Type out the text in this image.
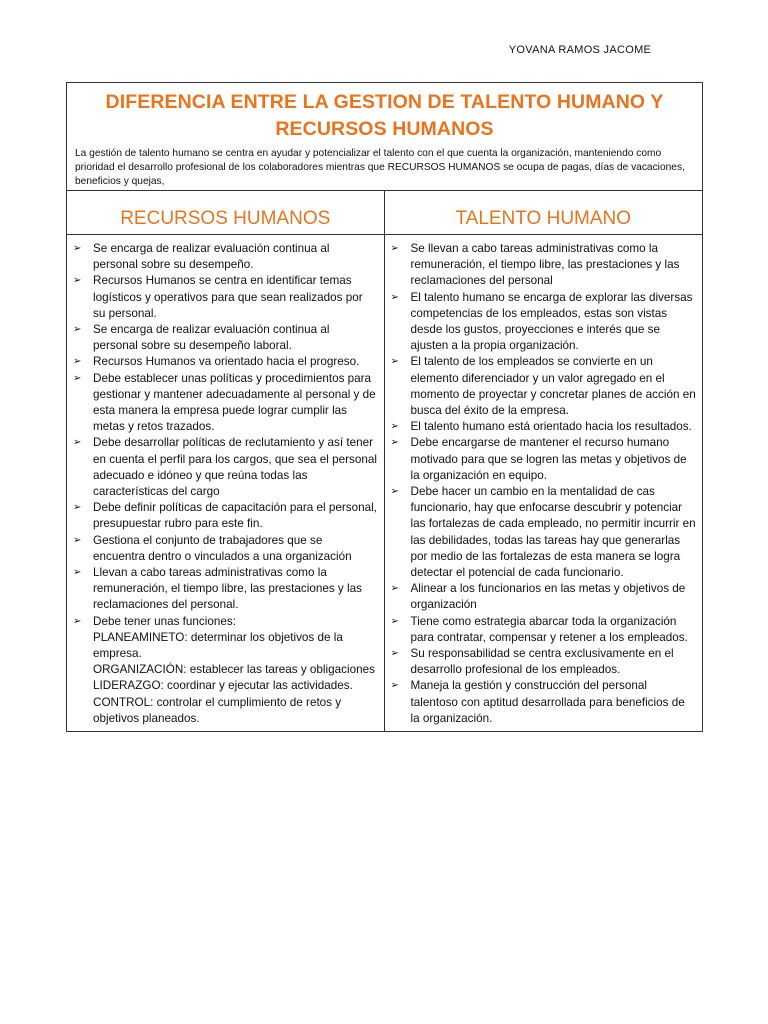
YOVANA RAMOS JACOME
DIFERENCIA ENTRE LA GESTION DE TALENTO HUMANO Y RECURSOS HUMANOS
La gestión de talento humano se centra en ayudar y potencializar el talento con el que cuenta la organización, manteniendo como prioridad el desarrollo profesional de los colaboradores mientras que RECURSOS HUMANOS se ocupa de pagas, días de vacaciones, beneficios y quejas,
RECURSOS HUMANOS
➢ Se encarga de realizar evaluación continua al personal sobre su desempeño.
➢ Recursos Humanos se centra en identificar temas logísticos y operativos para que sean realizados por su personal.
➢ Se encarga de realizar evaluación continua al personal sobre su desempeño laboral.
➢ Recursos Humanos va orientado hacia el progreso.
➢ Debe establecer unas políticas y procedimientos para gestionar y mantener adecuadamente al personal y de esta manera la empresa puede lograr cumplir las metas y retos trazados.
➢ Debe desarrollar políticas de reclutamiento y así tener en cuenta el perfil para los cargos, que sea el personal adecuado e idóneo y que reúna todas las características del cargo
➢ Debe definir políticas de capacitación para el personal, presupuestar rubro para este fin.
➢ Gestiona el conjunto de trabajadores que se encuentra dentro o vinculados a una organización
➢ Llevan a cabo tareas administrativas como la remuneración, el tiempo libre, las prestaciones y las reclamaciones del personal.
➢ Debe tener unas funciones:
PLANEAMINETO: determinar los objetivos de la empresa.
ORGANIZACIÓN: establecer las tareas y obligaciones
LIDERAZGO: coordinar y ejecutar las actividades.
CONTROL: controlar el cumplimiento de retos y objetivos planeados.
TALENTO HUMANO
➢ Se llevan a cabo tareas administrativas como la remuneración, el tiempo libre, las prestaciones y las reclamaciones del personal
➢ El talento humano se encarga de explorar las diversas competencias de los empleados, estas son vistas desde los gustos, proyecciones e interés que se ajusten a la propia organización.
➢ El talento de los empleados se convierte en un elemento diferenciador y un valor agregado en el momento de proyectar y concretar planes de acción en busca del éxito de la empresa.
➢ El talento humano está orientado hacia los resultados.
➢ Debe encargarse de mantener el recurso humano motivado para que se logren las metas y objetivos de la organización en equipo.
➢ Debe hacer un cambio en la mentalidad de cas funcionario, hay que enfocarse descubrir y potenciar las fortalezas de cada empleado, no permitir incurrir en las debilidades, todas las tareas hay que generarlas por medio de las fortalezas de esta manera se logra detectar el potencial de cada funcionario.
➢ Alinear a los funcionarios en las metas y objetivos de organización
➢ Tiene como estrategia abarcar toda la organización para contratar, compensar y retener a los empleados.
➢ Su responsabilidad se centra exclusivamente en el desarrollo profesional de los empleados.
➢ Maneja la gestión y construcción del personal talentoso con aptitud desarrollada para beneficios de la organización.
